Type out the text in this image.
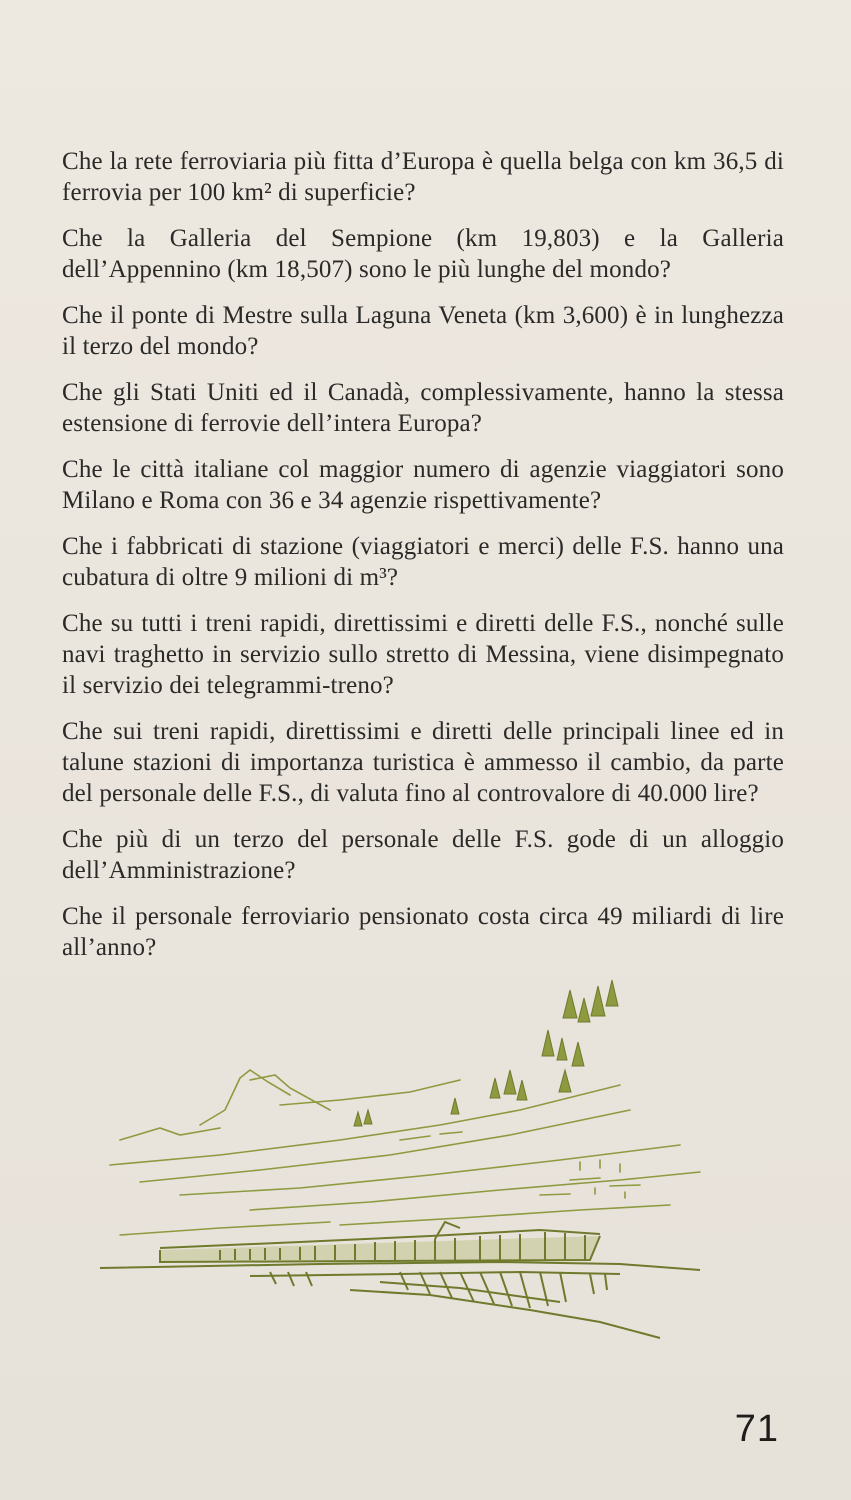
Che la rete ferroviaria più fitta d’Europa è quella belga con km 36,5 di ferrovia per 100 km² di superficie?

Che la Galleria del Sempione (km 19,803) e la Galleria dell’Appennino (km 18,507) sono le più lunghe del mondo?

Che il ponte di Mestre sulla Laguna Veneta (km 3,600) è in lunghezza il terzo del mondo?

Che gli Stati Uniti ed il Canadà, complessivamente, hanno la stessa estensione di ferrovie dell’intera Europa?

Che le città italiane col maggior numero di agenzie viaggiatori sono Milano e Roma con 36 e 34 agenzie rispettivamente?

Che i fabbricati di stazione (viaggiatori e merci) delle F.S. hanno una cubatura di oltre 9 milioni di m³?

Che su tutti i treni rapidi, direttissimi e diretti delle F.S., nonché sulle navi traghetto in servizio sullo stretto di Messina, viene disimpegnato il servizio dei telegrammi-treno?

Che sui treni rapidi, direttissimi e diretti delle principali linee ed in talune stazioni di importanza turistica è ammesso il cambio, da parte del personale delle F.S., di valuta fino al controvalore di 40.000 lire?

Che più di un terzo del personale delle F.S. gode di un alloggio dell’Amministrazione?

Che il personale ferroviario pensionato costa circa 49 miliardi di lire all’anno?

71
